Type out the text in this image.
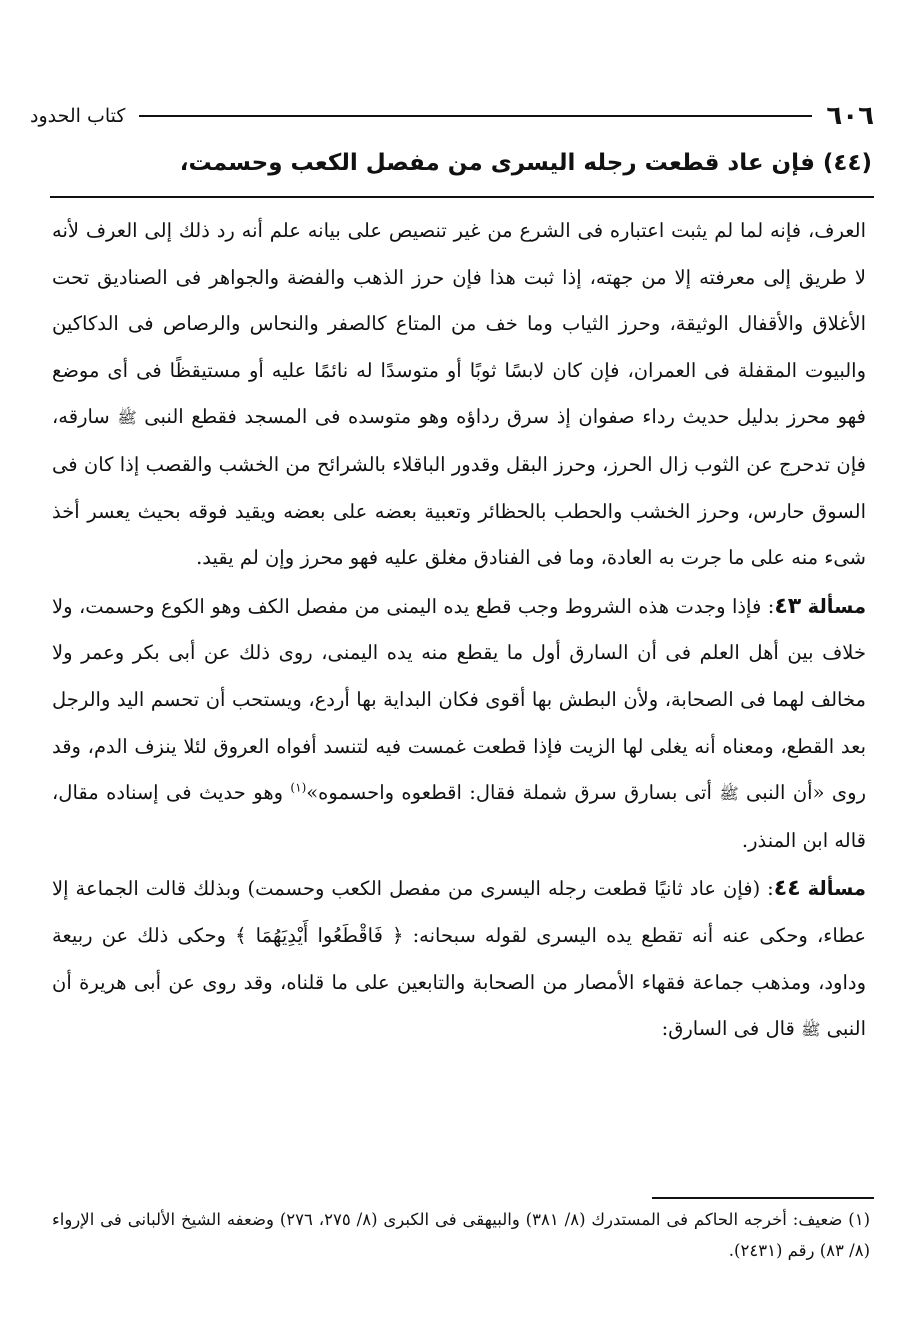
٦٠٦
كتاب الحدود
(٤٤) فإن عاد قطعت رجله اليسرى من مفصل الكعب وحسمت،

العرف، فإنه لما لم يثبت اعتباره فى الشرع من غير تنصيص على بيانه علم أنه رد ذلك إلى العرف لأنه لا طريق إلى معرفته إلا من جهته، إذا ثبت هذا فإن حرز الذهب والفضة والجواهر فى الصناديق تحت الأغلاق والأقفال الوثيقة، وحرز الثياب وما خف من المتاع كالصفر والنحاس والرصاص فى الدكاكين والبيوت المقفلة فى العمران، فإن كان لابسًا ثوبًا أو متوسدًا له نائمًا عليه أو مستيقظًا فى أى موضع فهو محرز بدليل حديث رداء صفوان إذ سرق رداؤه وهو متوسده فى المسجد فقطع النبى ﷺ سارقه، فإن تدحرج عن الثوب زال الحرز، وحرز البقل وقدور الباقلاء بالشرائح من الخشب والقصب إذا كان فى السوق حارس، وحرز الخشب والحطب بالحظائر وتعبية بعضه على بعضه ويقيد فوقه بحيث يعسر أخذ شىء منه على ما جرت به العادة، وما فى الفنادق مغلق عليه فهو محرز وإن لم يقيد.

مسألة ٤٣: فإذا وجدت هذه الشروط وجب قطع يده اليمنى من مفصل الكف وهو الكوع وحسمت، ولا خلاف بين أهل العلم فى أن السارق أول ما يقطع منه يده اليمنى، روى ذلك عن أبى بكر وعمر ولا مخالف لهما فى الصحابة، ولأن البطش بها أقوى فكان البداية بها أردع، ويستحب أن تحسم اليد والرجل بعد القطع، ومعناه أنه يغلى لها الزيت فإذا قطعت غمست فيه لتنسد أفواه العروق لئلا ينزف الدم، وقد روى «أن النبى ﷺ أتى بسارق سرق شملة فقال: اقطعوه واحسموه»$^{(١)}$ وهو حديث فى إسناده مقال، قاله ابن المنذر.

مسألة ٤٤: (فإن عاد ثانيًا قطعت رجله اليسرى من مفصل الكعب وحسمت) وبذلك قالت الجماعة إلا عطاء، وحكى عنه أنه تقطع يده اليسرى لقوله سبحانه: ﴿ فَاقْطَعُوا أَيْدِيَهُمَا ﴾ وحكى ذلك عن ربيعة وداود، ومذهب جماعة فقهاء الأمصار من الصحابة والتابعين على ما قلناه، وقد روى عن أبى هريرة أن النبى ﷺ قال فى السارق:

(١) ضعيف: أخرجه الحاكم فى المستدرك (٨/ ٣٨١) والبيهقى فى الكبرى (٨/ ٢٧٥، ٢٧٦) وضعفه الشيخ الألبانى فى الإرواء (٨/ ٨٣) رقم (٢٤٣١).
